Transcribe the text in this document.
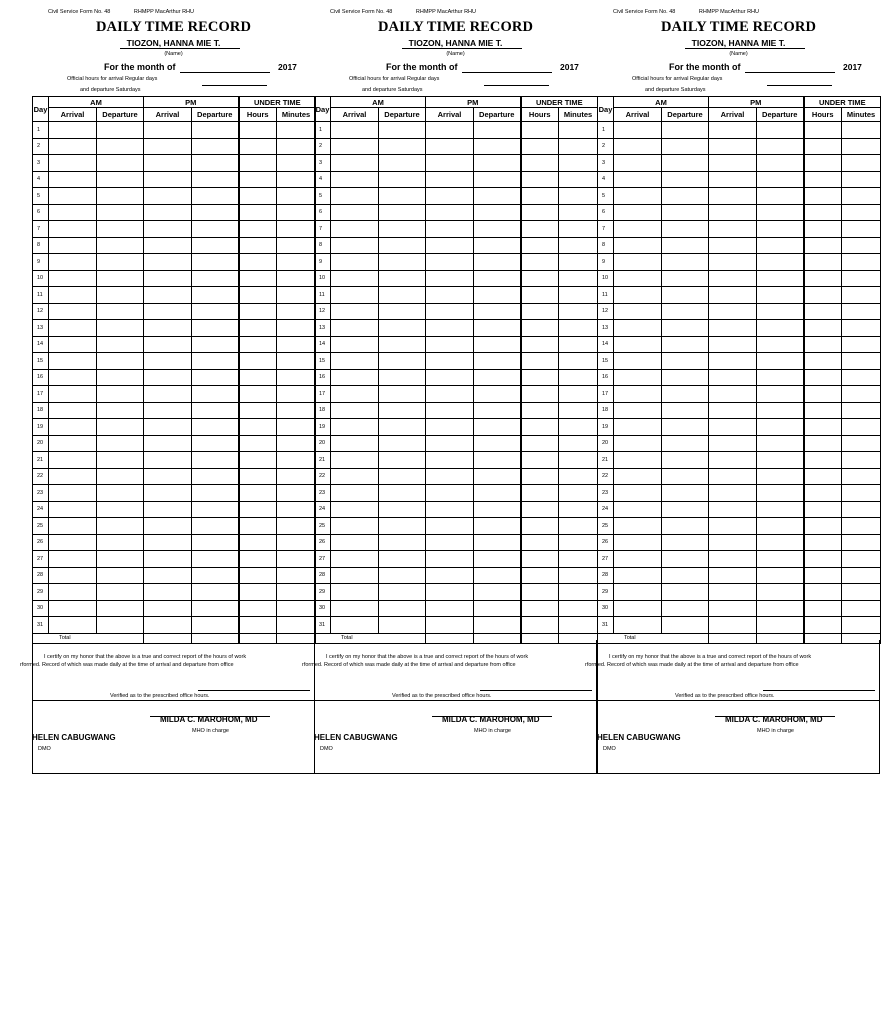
Civil Service Form No. 48	RHMPP MacArthur RHU
DAILY TIME RECORD
TIOZON, HANNA MIE T.
(Name)
For the month of	2017
Official hours for arrival Regular days
and departure Saturdays
Day	AM		PM		UNDER TIME	
	Arrival	Departure	Arrival	Departure	Hours	Minutes
1						
2						
3						
4						
5						
6						
7						
8						
9						
10						
11						
12						
13						
14						
15						
16						
17						
18						
19						
20						
21						
22						
23						
24						
25						
26						
27						
28						
29						
30						
31						
Total						
I certify on my honor that the above is a true and correct report of the hours of work
rformed. Record of which was made daily at the time of arrival and departure from office
Verified as to the prescribed office hours.
MILDA C. MAROHOM, MD
MHO in charge
HELEN CABUGWANG
DMO
Civil Service Form No. 48	RHMPP MacArthur RHU
DAILY TIME RECORD
TIOZON, HANNA MIE T.
(Name)
For the month of	2017
Official hours for arrival Regular days
and departure Saturdays
Day	AM		PM		UNDER TIME	
	Arrival	Departure	Arrival	Departure	Hours	Minutes
1						
2						
3						
4						
5						
6						
7						
8						
9						
10						
11						
12						
13						
14						
15						
16						
17						
18						
19						
20						
21						
22						
23						
24						
25						
26						
27						
28						
29						
30						
31						
Total						
I certify on my honor that the above is a true and correct report of the hours of work
rformed. Record of which was made daily at the time of arrival and departure from office
Verified as to the prescribed office hours.
MILDA C. MAROHOM, MD
MHO in charge
HELEN CABUGWANG
DMO
Civil Service Form No. 48	RHMPP MacArthur RHU
DAILY TIME RECORD
TIOZON, HANNA MIE T.
(Name)
For the month of	2017
Official hours for arrival Regular days
and departure Saturdays
Day	AM		PM		UNDER TIME	
	Arrival	Departure	Arrival	Departure	Hours	Minutes
1						
2						
3						
4						
5						
6						
7						
8						
9						
10						
11						
12						
13						
14						
15						
16						
17						
18						
19						
20						
21						
22						
23						
24						
25						
26						
27						
28						
29						
30						
31						
Total						
I certify on my honor that the above is a true and correct report of the hours of work
rformed. Record of which was made daily at the time of arrival and departure from office
Verified as to the prescribed office hours.
MILDA C. MAROHOM, MD
MHO in charge
HELEN CABUGWANG
DMO
